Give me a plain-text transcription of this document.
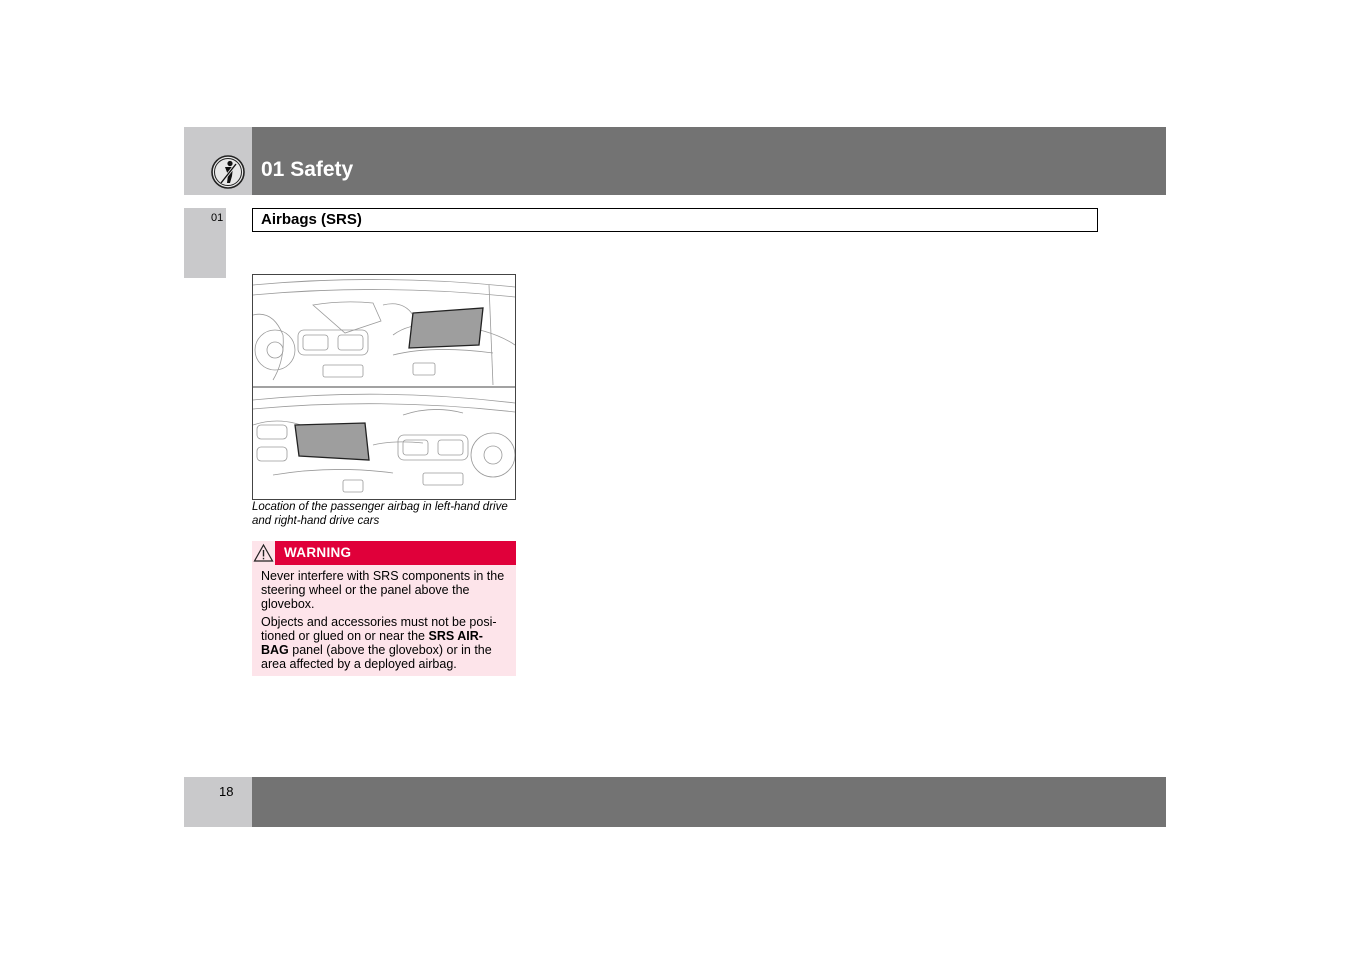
01 Safety
01	Airbags (SRS)
Location of the passenger airbag in left-hand drive and right-hand drive cars
WARNING

Never interfere with SRS components in the steering wheel or the panel above the glovebox.

Objects and accessories must not be posi-tioned or glued on or near the SRS AIR-
BAG panel (above the glovebox) or in the area affected by a deployed airbag.

18
